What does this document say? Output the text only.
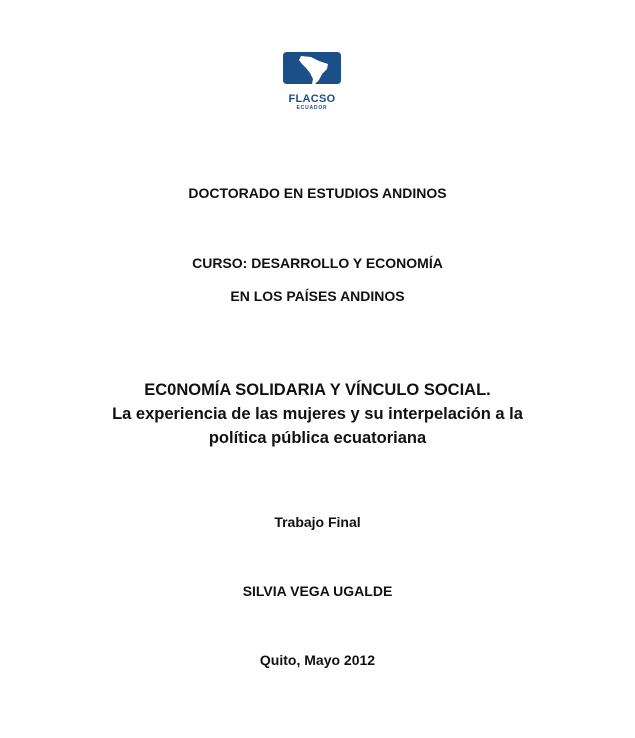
FLACSO
ECUADOR
DOCTORADO EN ESTUDIOS ANDINOS
CURSO: DESARROLLO Y ECONOMÍA
EN LOS PAÍSES ANDINOS
EC0NOMÍA SOLIDARIA Y VÍNCULO SOCIAL.
La experiencia de las mujeres y su interpelación a la
política pública ecuatoriana
Trabajo Final
SILVIA VEGA UGALDE
Quito, Mayo 2012
